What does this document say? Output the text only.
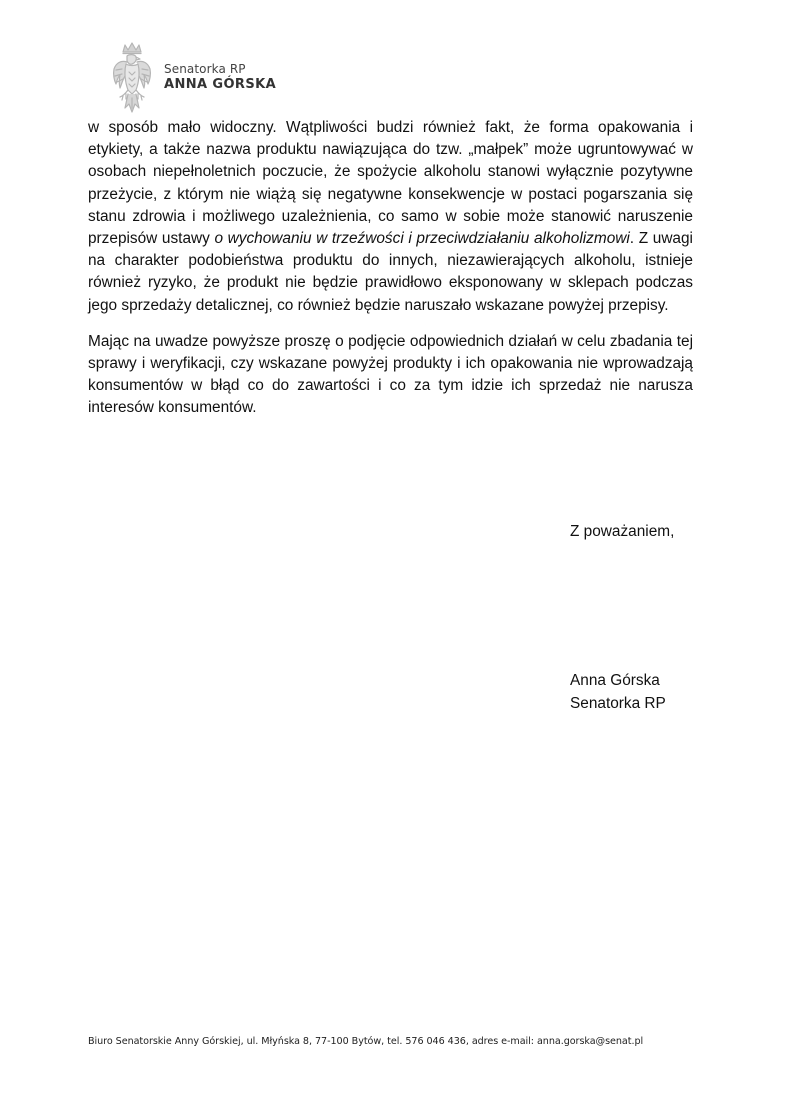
Senatorka RP
ANNA GÓRSKA

w sposób mało widoczny. Wątpliwości budzi również fakt, że forma opakowania i etykiety, a także nazwa produktu nawiązująca do tzw. „małpek” może ugruntowywać w osobach niepełnoletnich poczucie, że spożycie alkoholu stanowi wyłącznie pozytywne przeżycie, z którym nie wiążą się negatywne konsekwencje w postaci pogarszania się stanu zdrowia i możliwego uzależnienia, co samo w sobie może stanowić naruszenie przepisów ustawy o wychowaniu w trzeźwości i przeciwdziałaniu alkoholizmowi. Z uwagi na charakter podobieństwa produktu do innych, niezawierających alkoholu, istnieje również ryzyko, że produkt nie będzie prawidłowo eksponowany w sklepach podczas jego sprzedaży detalicznej, co również będzie naruszało wskazane powyżej przepisy.

Mając na uwadze powyższe proszę o podjęcie odpowiednich działań w celu zbadania tej sprawy i weryfikacji, czy wskazane powyżej produkty i ich opakowania nie wprowadzają konsumentów w błąd co do zawartości i co za tym idzie ich sprzedaż nie narusza interesów konsumentów.

Z poważaniem,
Anna Górska
Senatorka RP
Biuro Senatorskie Anny Górskiej, ul. Młyńska 8, 77-100 Bytów, tel. 576 046 436, adres e-mail: anna.gorska@senat.pl
